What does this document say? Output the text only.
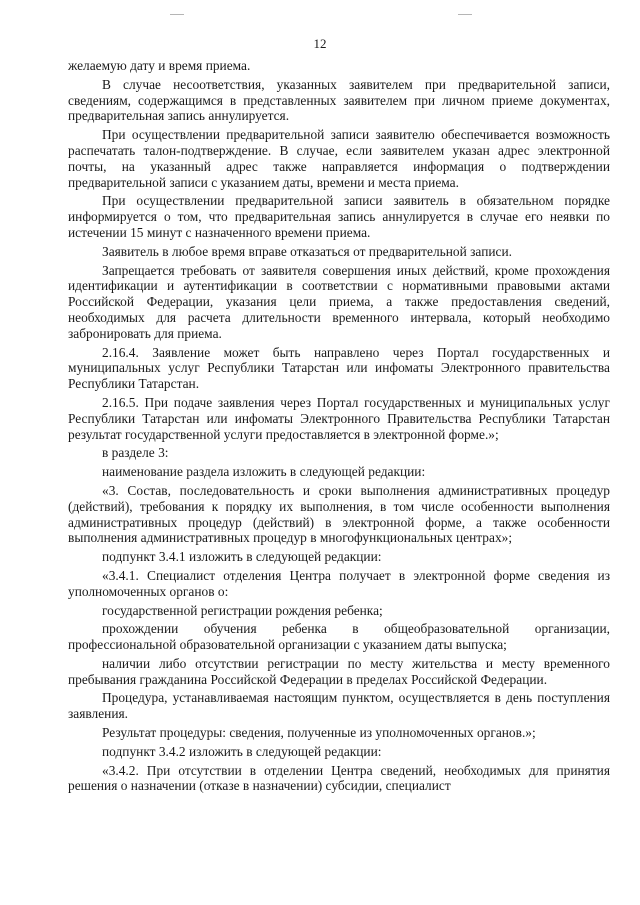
12

желаемую дату и время приема.

В случае несоответствия, указанных заявителем при предварительной записи, сведениям, содержащимся в представленных заявителем при личном приеме документах, предварительная запись аннулируется.

При осуществлении предварительной записи заявителю обеспечивается возможность распечатать талон-подтверждение. В случае, если заявителем указан адрес электронной почты, на указанный адрес также направляется информация о подтверждении предварительной записи с указанием даты, времени и места приема.

При осуществлении предварительной записи заявитель в обязательном порядке информируется о том, что предварительная запись аннулируется в случае его неявки по истечении 15 минут с назначенного времени приема.

Заявитель в любое время вправе отказаться от предварительной записи.

Запрещается требовать от заявителя совершения иных действий, кроме прохождения идентификации и аутентификации в соответствии с нормативными правовыми актами Российской Федерации, указания цели приема, а также предоставления сведений, необходимых для расчета длительности временного интервала, который необходимо забронировать для приема.

2.16.4. Заявление может быть направлено через Портал государственных и муниципальных услуг Республики Татарстан или инфоматы Электронного правительства Республики Татарстан.

2.16.5. При подаче заявления через Портал государственных и муниципальных услуг Республики Татарстан или инфоматы Электронного Правительства Республики Татарстан результат государственной услуги предоставляется в электронной форме.»;

в разделе 3:

наименование раздела изложить в следующей редакции:

«3. Состав, последовательность и сроки выполнения административных процедур (действий), требования к порядку их выполнения, в том числе особенности выполнения административных процедур (действий) в электронной форме, а также особенности выполнения административных процедур в многофункциональных центрах»;

подпункт 3.4.1 изложить в следующей редакции:

«3.4.1. Специалист отделения Центра получает в электронной форме сведения из уполномоченных органов о:

государственной регистрации рождения ребенка;

прохождении обучения ребенка в общеобразовательной организации, профессиональной образовательной организации с указанием даты выпуска;

наличии либо отсутствии регистрации по месту жительства и месту временного пребывания гражданина Российской Федерации в пределах Российской Федерации.

Процедура, устанавливаемая настоящим пунктом, осуществляется в день поступления заявления.

Результат процедуры: сведения, полученные из уполномоченных органов.»;

подпункт 3.4.2 изложить в следующей редакции:

«3.4.2. При отсутствии в отделении Центра сведений, необходимых для принятия решения о назначении (отказе в назначении) субсидии, специалист
